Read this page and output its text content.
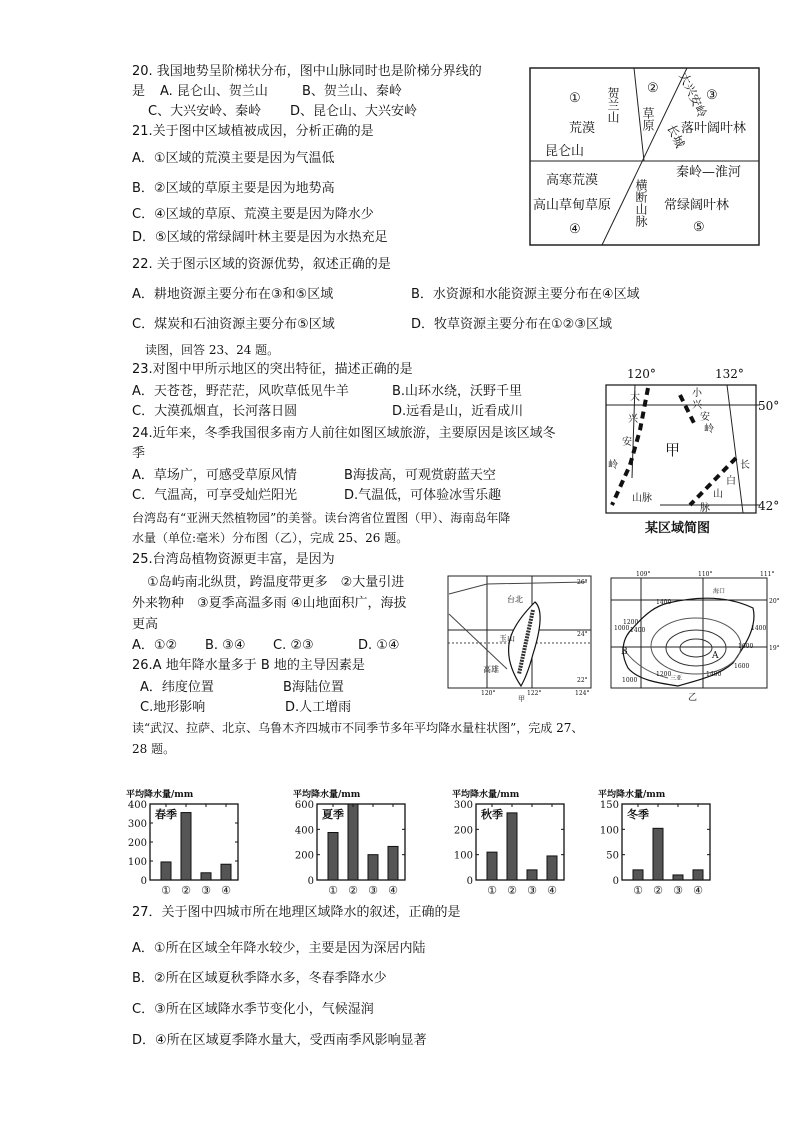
20. 我国地势呈阶梯状分布，图中山脉同时也是阶梯分界线的
是 A. 昆仑山、贺兰山	B、贺兰山、秦岭
C、大兴安岭、秦岭 D、昆仑山、大兴安岭
21.关于图中区域植被成因，分析正确的是
A．①区域的荒漠主要是因为气温低
B．②区域的草原主要是因为地势高
C．④区域的草原、荒漠主要是因为降水少
D．⑤区域的常绿阔叶林主要是因为水热充足
22. 关于图示区域的资源优势，叙述正确的是
A．耕地资源主要分布在③和⑤区域	B．水资源和水能资源主要分布在④区域
C．煤炭和石油资源主要分布⑤区域	D．牧草资源主要分布在①②③区域
①
荒漠
昆仑山
贺兰山 ②
草原 大兴安岭
长城
③
落叶阔叶林
秦岭—淮河
高寒荒漠
高山草甸草原
④
横断山脉 常绿阔叶林
⑤
读图，回答 23、24 题。
23.对图中甲所示地区的突出特征，描述正确的是
A．天苍苍，野茫茫，风吹草低见牛羊	B.山环水绕，沃野千里
C．大漠孤烟直，长河落日圆	D.远看是山，近看成川
24.近年来，冬季我国很多南方人前往如图区域旅游，主要原因是该区域冬
季
A．草场广，可感受草原风情	B海拔高，可观赏蔚蓝天空
C．气温高，可享受灿烂阳光	D.气温低，可体验冰雪乐趣
120°	132°
50°
42°
甲
大
兴
安
岭
小
兴
安
岭
山脉
长
白
山
脉
某区域简图
台湾岛有“亚洲天然植物园”的美誉。读台湾省位置图（甲）、海南岛年降
水量（单位:毫米）分布图（乙），完成 25、26 题。
25.台湾岛植物资源更丰富，是因为
①岛屿南北纵贯，跨温度带更多　②大量引进
外来物种　③夏季高温多雨 ④山地面积广，海拔
更高
A．①② B. ③④ C. ②③	D. ①④
26.A 地年降水量多于 B 地的主导因素是
A．纬度位置	B海陆位置
C.地形影响	D.人工增雨
台北
玉山
高雄
26°
24°
22°
120°	122°	124°
甲
109°	110°	111°
20°
19°
A
B
1400
1200
1000 1400	1400
1600
1600
1200	1400
1000
海口
三亚
乙
读“武汉、拉萨、北京、乌鲁木齐四城市不同季节多年平均降水量柱状图”，完成 27、
28 题。
平均降水量/mm
0
100
200
300
400
春季
① ② ③ ④
平均降水量/mm
0
200
400
600
夏季
① ② ③ ④
平均降水量/mm
0
100
200
300
秋季
① ② ③ ④
平均降水量/mm
0
50
100
150
冬季
① ② ③ ④
27．关于图中四城市所在地理区域降水的叙述，正确的是
A．①所在区域全年降水较少，主要是因为深居内陆
B．②所在区域夏秋季降水多，冬春季降水少
C．③所在区域降水季节变化小，气候湿润
D．④所在区域夏季降水量大，受西南季风影响显著
